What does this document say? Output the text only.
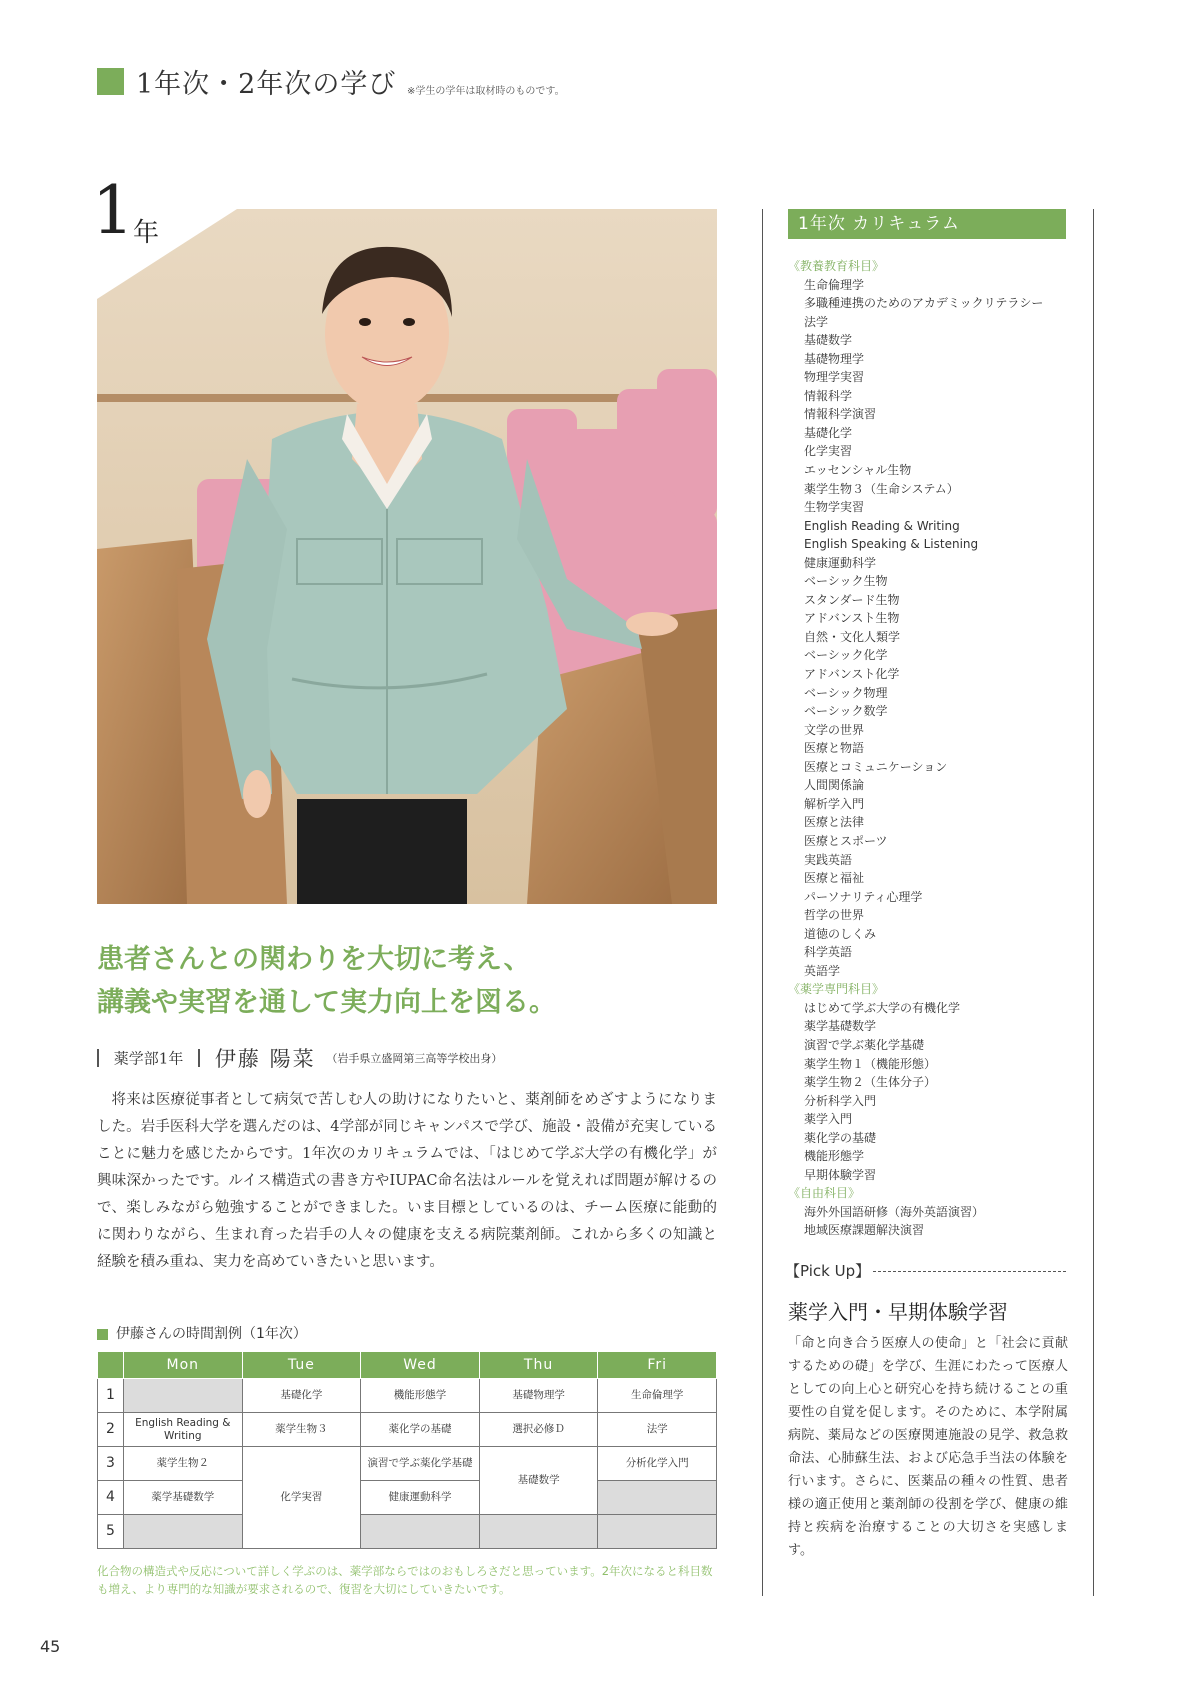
1年次・2年次の学び ※学生の学年は取材時のものです。
1 年
患者さんとの関わりを大切に考え、
講義や実習を通して実力向上を図る。
薬学部1年 伊藤 陽菜 （岩手県立盛岡第三高等学校出身）
将来は医療従事者として病気で苦しむ人の助けになりたいと、薬剤師をめざすようになりました。岩手医科大学を選んだのは、4学部が同じキャンパスで学び、施設・設備が充実していることに魅力を感じたからです。1年次のカリキュラムでは、「はじめて学ぶ大学の有機化学」が興味深かったです。ルイス構造式の書き方やIUPAC命名法はルールを覚えれば問題が解けるので、楽しみながら勉強することができました。いま目標としているのは、チーム医療に能動的に関わりながら、生まれ育った岩手の人々の健康を支える病院薬剤師。これから多くの知識と経験を積み重ね、実力を高めていきたいと思います。
伊藤さんの時間割例（1年次）
	Mon	Tue	Wed	Thu	Fri
1		基礎化学	機能形態学	基礎物理学	生命倫理学
2	English Reading & Writing	薬学生物３	薬化学の基礎	選択必修Ｄ	法学
3	薬学生物２	化学実習	演習で学ぶ薬化学基礎	基礎数学	分析化学入門
4	薬学基礎数学		健康運動科学		
5					
化合物の構造式や反応について詳しく学ぶのは、薬学部ならではのおもしろさだと思っています。2年次になると科目数も増え、より専門的な知識が要求されるので、復習を大切にしていきたいです。
45
1年次 カリキュラム
《教養教育科目》
生命倫理学
多職種連携のためのアカデミックリテラシー
法学
基礎数学
基礎物理学
物理学実習
情報科学
情報科学演習
基礎化学
化学実習
エッセンシャル生物
薬学生物３（生命システム）
生物学実習
English Reading & Writing
English Speaking & Listening
健康運動科学
ベーシック生物
スタンダード生物
アドバンスト生物
自然・文化人類学
ベーシック化学
アドバンスト化学
ベーシック物理
ベーシック数学
文学の世界
医療と物語
医療とコミュニケーション
人間関係論
解析学入門
医療と法律
医療とスポーツ
実践英語
医療と福祉
パーソナリティ心理学
哲学の世界
道徳のしくみ
科学英語
英語学
《薬学専門科目》
はじめて学ぶ大学の有機化学
薬学基礎数学
演習で学ぶ薬化学基礎
薬学生物１（機能形態）
薬学生物２（生体分子）
分析科学入門
薬学入門
薬化学の基礎
機能形態学
早期体験学習
《自由科目》
海外外国語研修（海外英語演習）
地域医療課題解決演習
【Pick Up】
薬学入門・早期体験学習
「命と向き合う医療人の使命」と「社会に貢献するための礎」を学び、生涯にわたって医療人としての向上心と研究心を持ち続けることの重要性の自覚を促します。そのために、本学附属病院、薬局などの医療関連施設の見学、救急救命法、心肺蘇生法、および応急手当法の体験を行います。さらに、医薬品の種々の性質、患者様の適正使用と薬剤師の役割を学び、健康の維持と疾病を治療することの大切さを実感します。
